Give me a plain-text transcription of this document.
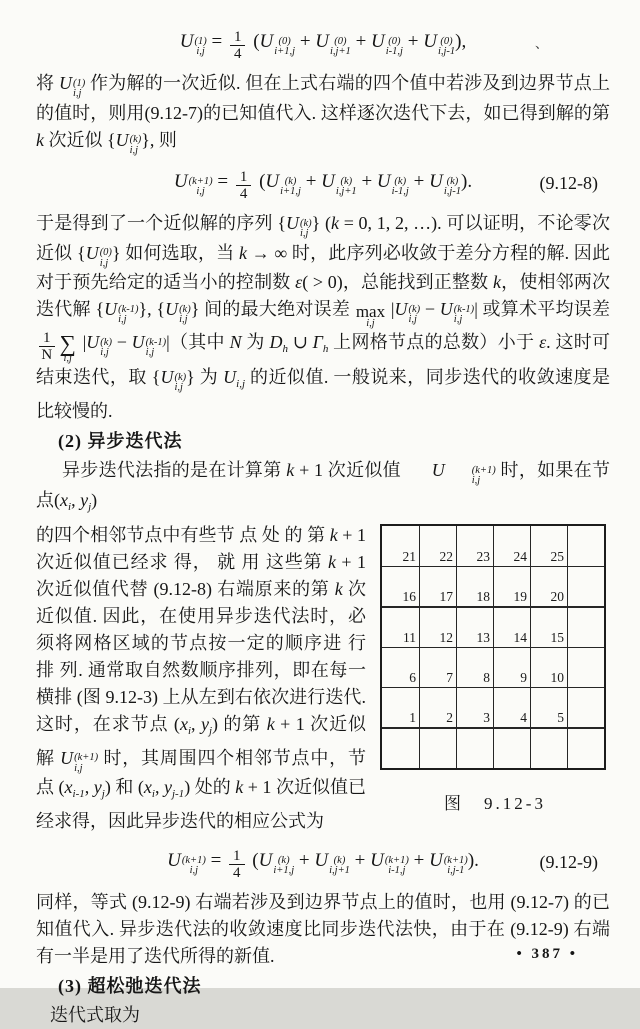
U (1)
$i,j = \frac{1}{4} (U$ (0)
i+1,j + U (0)
i,j+1 + U (0)
i-1,j + U (0)
i,j-1 ),	、

将 U (1)
i,j
作为解的一次近似. 但在上式右端的四个值中若涉及到边界节点上的值时，则用(9.12-7)的已知值代入. 这样逐次迭代下去，如已得到解的第 k 次近似 {U (k)
i,j
}, 则

U (k+1)
$i,j = \frac{1}{4} (U$ (k)
i+1,j + U (k)
i,j+1 + U (k)
i-1,j + U (k)
i,j-1 ).	(9.12-8)

于是得到了一个近似解的序列 {U (k)
i,j
} (k = 0, 1, 2, …). 可以证明，不论零次近似 {U (0)
i,j
} 如何选取，当 k → ∞ 时，此序列必收敛于差分方程的解. 因此对于预先给定的适当小的控制数 ε( > 0)，总能找到正整数 k，使相邻两次迭代解 {U (k-1)
i,j
}, {U (k)
i,j
} 间的最大绝对误差 max
i,j
|U (k)
i,j
− U (k-1)
i,j
| 或算术平均误差
$\frac{1}{N}$ ∑
i,j
|U (k)
i,j
− U (k-1)
i,j
|（其中 N 为 $D_h$ ∪ $\Gamma_h$ 上网格节点的总数）小于 ε. 这时可结束迭代，取 {U (k)
i,j
} 为 $U_{i,j}$ 的近似值. 一般说来，同步迭代的收敛速度是比较慢的.

(2) 异步迭代法

异步迭代法指的是在计算第 k + 1 次近似值 U	(k+1)
i,j
时，如果在节点($x_i$, $y_j$)

的四个相邻节点中有些节 点 处 的 第 k + 1 次近似值已经求 得， 就 用 这些第 k + 1 次近似值代替 (9.12-8) 右端原来的第 k 次近似值. 因此，在使用异步迭代法时，必须将网格区域的节点按一定的顺序进 行 排 列. 通常取自然数顺序排列，即在每一横排 (图 9.12-3) 上从左到右依次进行迭代. 这时，在求节点 ($x_i$, $y_j$) 的第 k + 1 次近似解 U (k+1)
i,j
时，其周围四个相邻节点中，节点 ($x_{i-1}$, $y_j$) 和 ($x_i$, $y_{j-1}$) 处的 k + 1 次近似值已经求得，因此异步迭代的相应公式为

21 22 23 24 25
16 17 18 19 20
11 12 13 14 15
6 7 8 9 10
1 2 3 4 5
图　9.12-3
U (k+1)
$i,j = \frac{1}{4} (U$ (k)
i+1,j + U (k)
i,j+1 + U (k+1)
i-1,j + U (k+1)
i,j-1 ).	(9.12-9)

同样，等式 (9.12-9) 右端若涉及到边界节点上的值时，也用 (9.12-7) 的已知值代入. 异步迭代法的收敛速度比同步迭代法快，由于在 (9.12-9) 右端有一半是用了迭代所得的新值.

(3) 超松弛迭代法

迭代式取为

• 387 •
